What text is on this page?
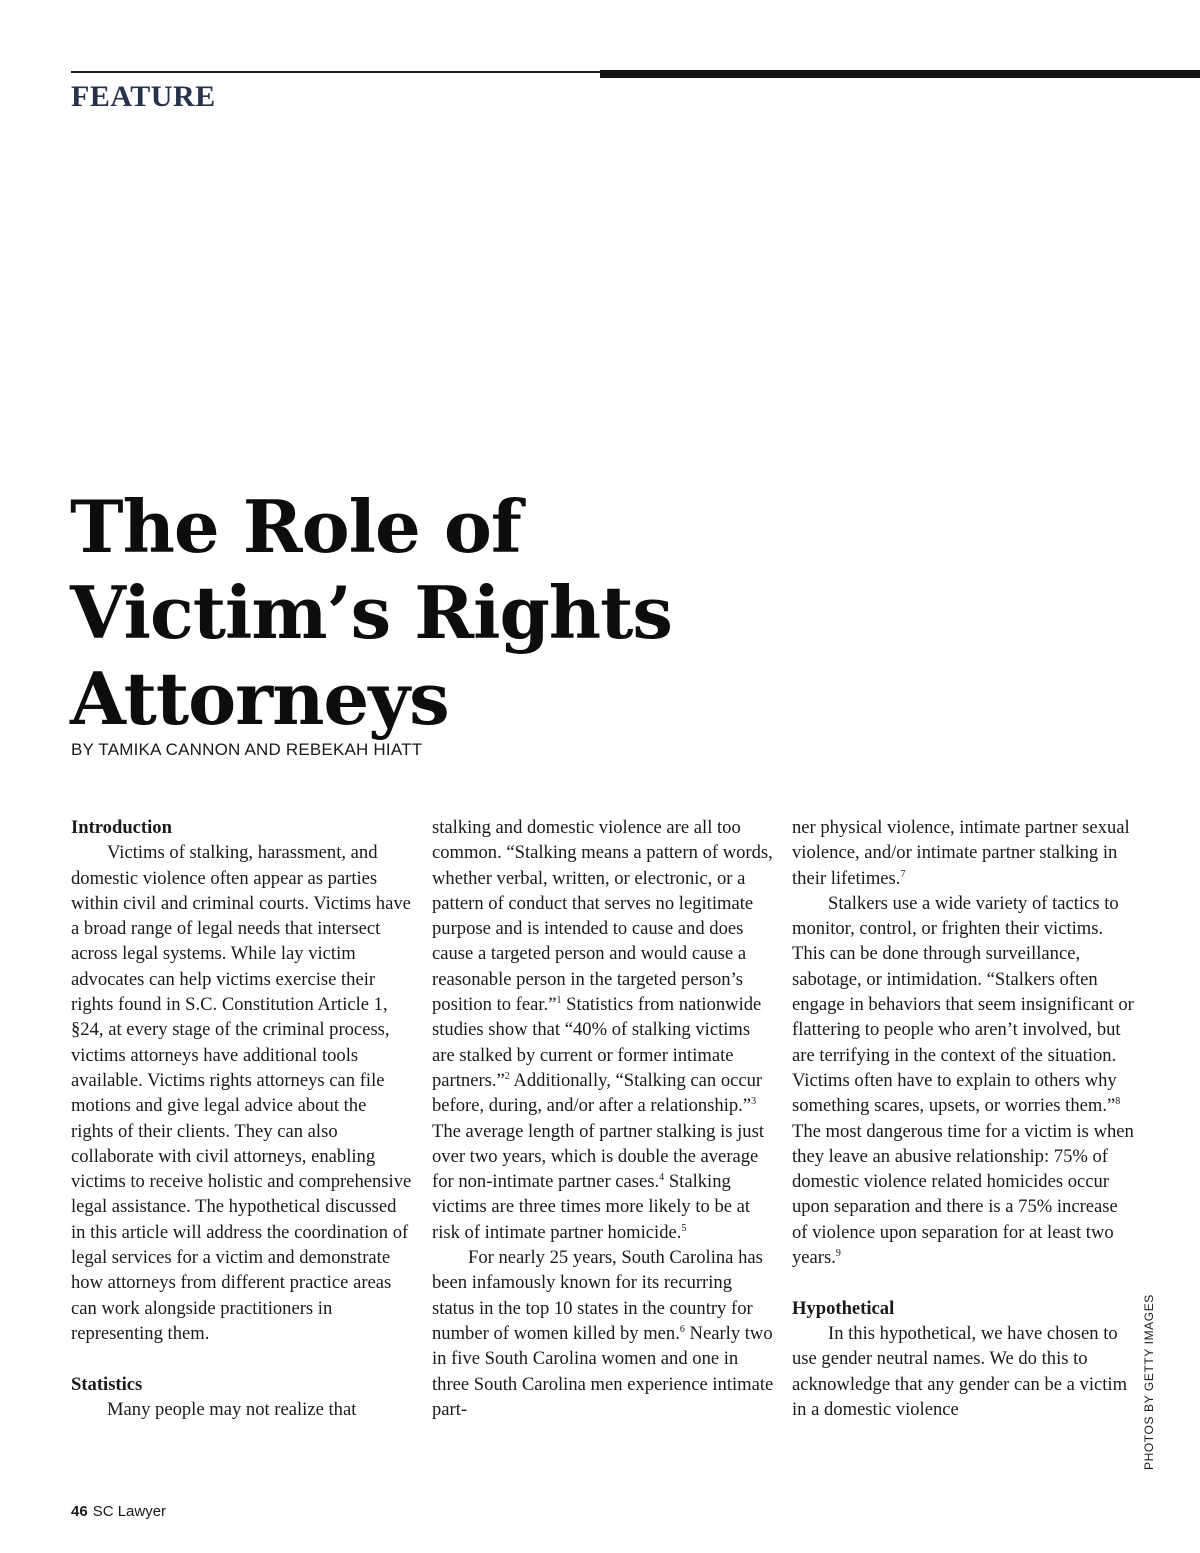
FEATURE
The Role of
Victim’s Rights
Attorneys

BY TAMIKA CANNON AND REBEKAH HIATT

Introduction

Victims of stalking, harassment, and domestic violence often appear as parties within civil and criminal courts. Victims have a broad range of legal needs that intersect across legal systems. While lay victim advocates can help victims exercise their rights found in S.C. Constitution Article 1, §24, at every stage of the criminal process, victims attorneys have additional tools available. Victims rights attorneys can file motions and give legal advice about the rights of their clients. They can also collaborate with civil attorneys, enabling victims to receive holistic and comprehensive legal assistance. The hypothetical discussed in this article will address the coordination of legal services for a victim and demonstrate how attorneys from different practice areas can work alongside practitioners in representing them.

Statistics

Many people may not realize that

stalking and domestic violence are all too common. “Stalking means a pattern of words, whether verbal, written, or electronic, or a pattern of conduct that serves no legitimate purpose and is intended to cause and does cause a targeted person and would cause a reasonable person in the targeted person’s position to fear.”$^1$ Statistics from nationwide studies show that “40% of stalking victims are stalked by current or former intimate partners.”$^2$ Additionally, “Stalking can occur before, during, and/or after a relationship.”$^3$ The average length of partner stalking is just over two years, which is double the average for non-intimate partner cases.$^4$ Stalking victims are three times more likely to be at risk of intimate partner homicide.$^5$

For nearly 25 years, South Carolina has been infamously known for its recurring status in the top 10 states in the country for number of women killed by men.$^6$ Nearly two in five South Carolina women and one in three South Carolina men experience intimate part-

ner physical violence, intimate partner sexual violence, and/or intimate partner stalking in their lifetimes.$^7$

Stalkers use a wide variety of tactics to monitor, control, or frighten their victims. This can be done through surveillance, sabotage, or intimidation. “Stalkers often engage in behaviors that seem insignificant or flattering to people who aren’t involved, but are terrifying in the context of the situation. Victims often have to explain to others why something scares, upsets, or worries them.”$^8$ The most dangerous time for a victim is when they leave an abusive relationship: 75% of domestic violence related homicides occur upon separation and there is a 75% increase of violence upon separation for at least two years.$^9$

Hypothetical

In this hypothetical, we have chosen to use gender neutral names. We do this to acknowledge that any gender can be a victim in a domestic violence	PHOTOS BY GETTY IMAGES
46 SC Lawyer
